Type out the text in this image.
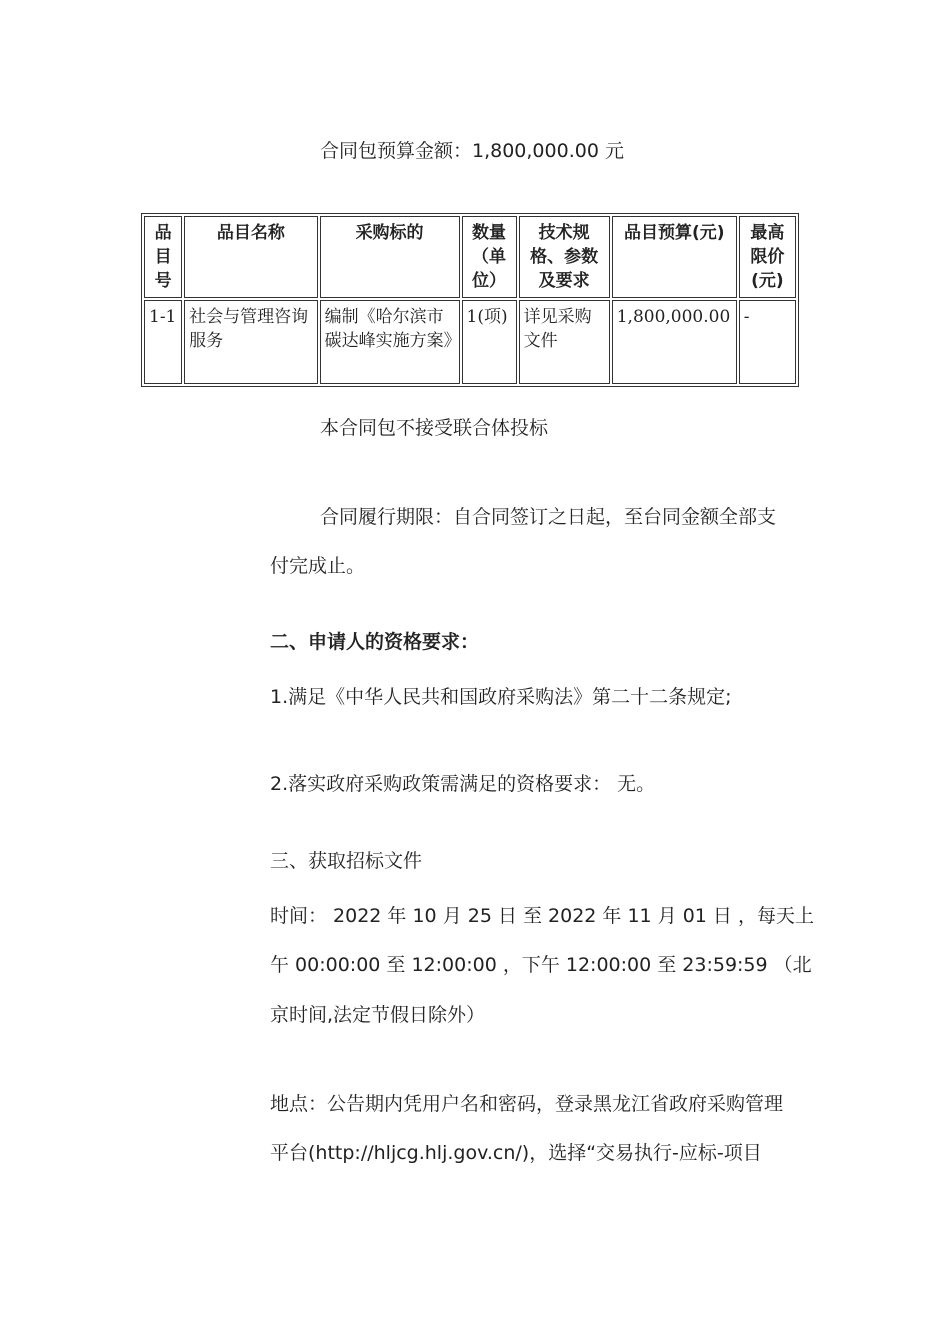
合同包预算金额：1,800,000.00 元
品目号	品目名称	采购标的	数量（单位）	技术规格、参数及要求	品目预算(元)	最高限价(元)
1-1	社会与管理咨询服务	编制《哈尔滨市碳达峰实施方案》	1(项)	详见采购文件	1,800,000.00	-
本合同包不接受联合体投标
合同履行期限：自合同签订之日起，至台同金额全部支
付完成止。
二、申请人的资格要求：
1.满足《中华人民共和国政府采购法》第二十二条规定;
2.落实政府采购政策需满足的资格要求： 无。
三、获取招标文件
时间： 2022 年 10 月 25 日 至 2022 年 11 月 01 日 ，每天上
午 00:00:00 至 12:00:00 ，下午 12:00:00 至 23:59:59 （北
京时间,法定节假日除外）
地点：公告期内凭用户名和密码，登录黑龙江省政府采购管理
平台(http://hljcg.hlj.gov.cn/)，选择“交易执行-应标-项目
